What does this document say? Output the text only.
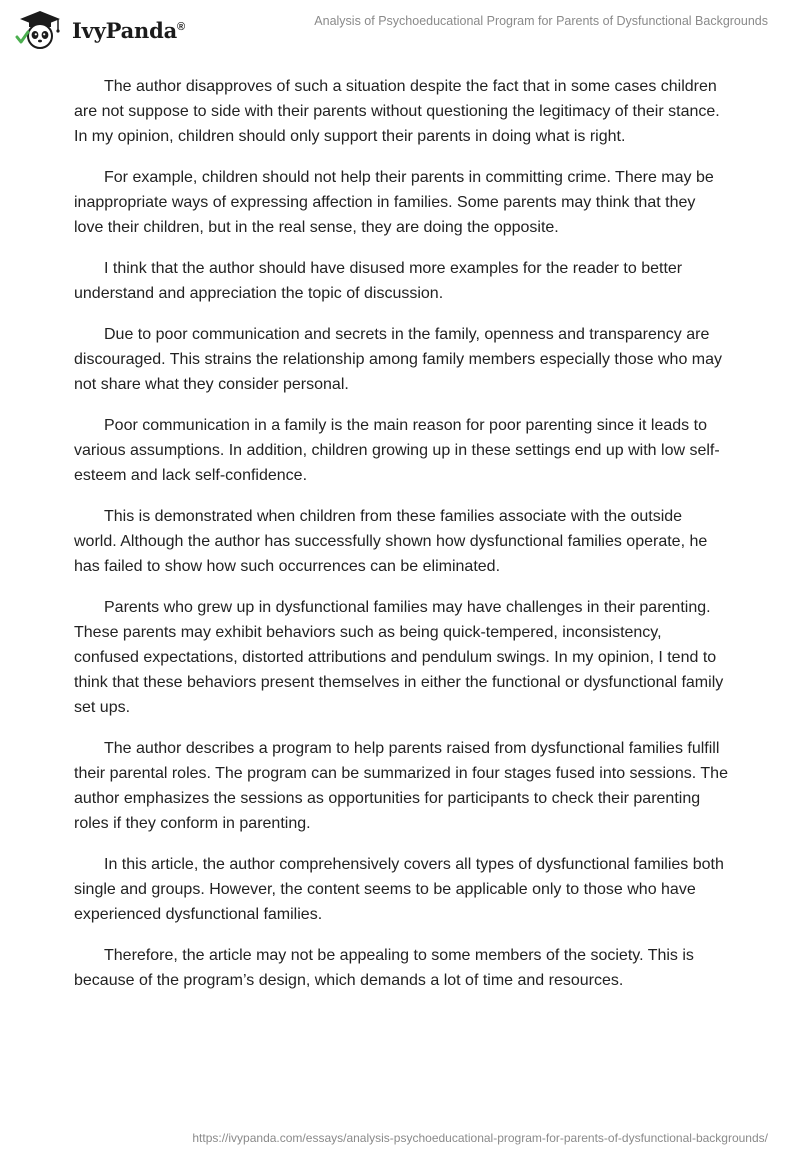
IvyPanda®	Analysis of Psychoeducational Program for Parents of Dysfunctional Backgrounds

The author disapproves of such a situation despite the fact that in some cases children are not suppose to side with their parents without questioning the legitimacy of their stance. In my opinion, children should only support their parents in doing what is right.

For example, children should not help their parents in committing crime. There may be inappropriate ways of expressing affection in families. Some parents may think that they love their children, but in the real sense, they are doing the opposite.

I think that the author should have disused more examples for the reader to better understand and appreciation the topic of discussion.

Due to poor communication and secrets in the family, openness and transparency are discouraged. This strains the relationship among family members especially those who may not share what they consider personal.

Poor communication in a family is the main reason for poor parenting since it leads to various assumptions. In addition, children growing up in these settings end up with low self-esteem and lack self-confidence.

This is demonstrated when children from these families associate with the outside world. Although the author has successfully shown how dysfunctional families operate, he has failed to show how such occurrences can be eliminated.

Parents who grew up in dysfunctional families may have challenges in their parenting. These parents may exhibit behaviors such as being quick-tempered, inconsistency, confused expectations, distorted attributions and pendulum swings. In my opinion, I tend to think that these behaviors present themselves in either the functional or dysfunctional family set ups.

The author describes a program to help parents raised from dysfunctional families fulfill their parental roles. The program can be summarized in four stages fused into sessions. The author emphasizes the sessions as opportunities for participants to check their parenting roles if they conform in parenting.

In this article, the author comprehensively covers all types of dysfunctional families both single and groups. However, the content seems to be applicable only to those who have experienced dysfunctional families.

Therefore, the article may not be appealing to some members of the society. This is because of the program’s design, which demands a lot of time and resources.

https://ivypanda.com/essays/analysis-psychoeducational-program-for-parents-of-dysfunctional-backgrounds/
